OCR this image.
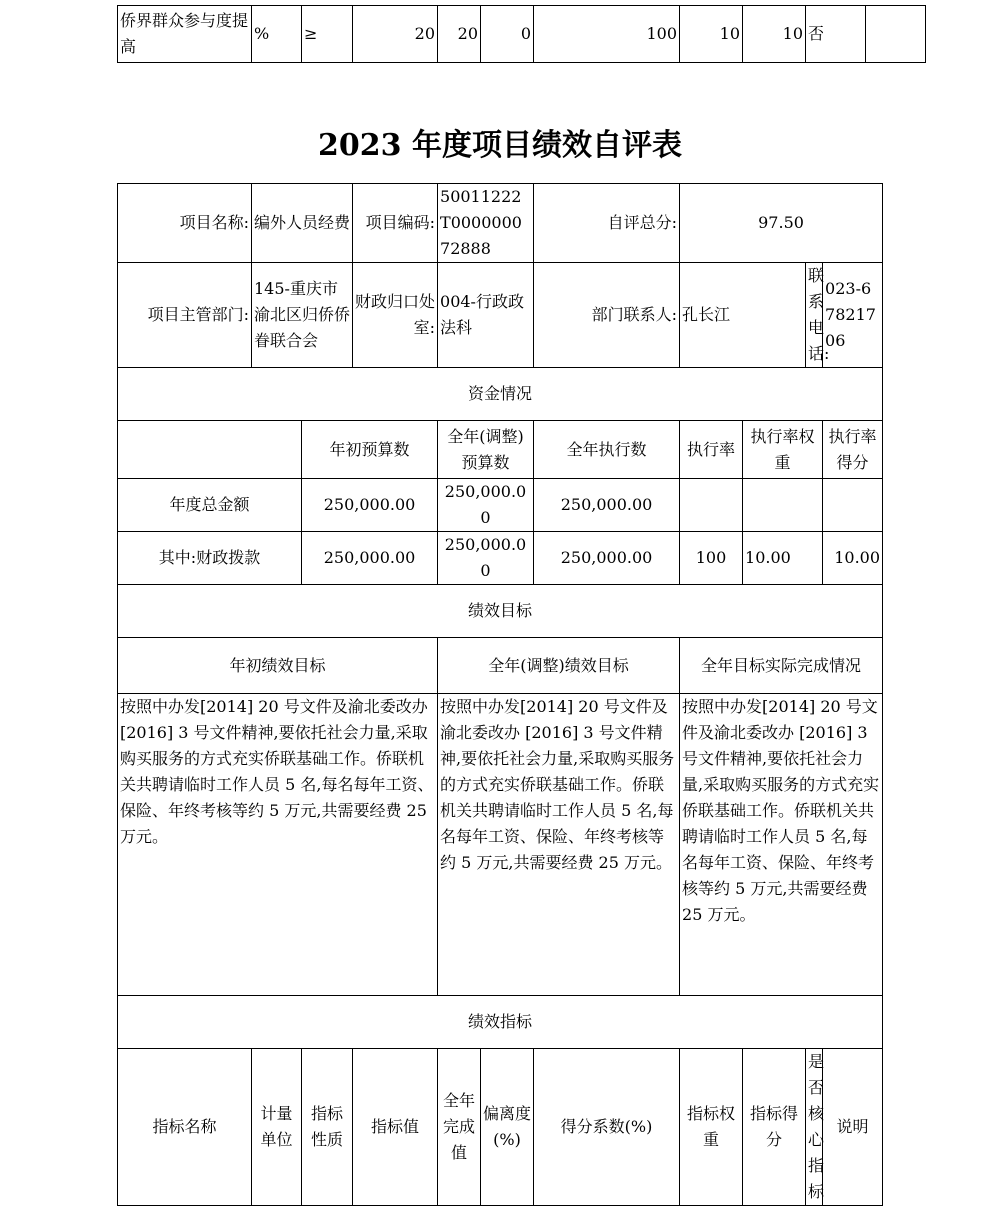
侨界群众参与度提高	%	≥	20	20	0	100	10	10	否	
2023 年度项目绩效自评表
项目名称:	编外人员经费		项目编码:	50011222T000000072888		自评总分:	97.50			
项目主管部门:	145-重庆市渝北区归侨侨眷联合会		财政归口处室:	004-行政政法科		部门联系人:	孔长江		联系电话:	023-67821706
资金情况										
		年初预算数		全年(调整)预算数		全年执行数	执行率	执行率权重		执行率得分
年度总金额		250,000.00		250,000.00		250,000.00				
其中:财政拨款		250,000.00		250,000.00		250,000.00	100	10.00		10.00
绩效目标										
年初绩效目标				全年(调整)绩效目标			全年目标实际完成情况			
按照中办发[2014] 20 号文件及渝北委改办 [2016] 3 号文件精神,要依托社会力量,采取购买服务的方式充实侨联基础工作。侨联机关共聘请临时工作人员 5 名,每名每年工资、保险、年终考核等约 5 万元,共需要经费 25 万元。				按照中办发[2014] 20 号文件及渝北委改办 [2016] 3 号文件精神,要依托社会力量,采取购买服务的方式充实侨联基础工作。侨联机关共聘请临时工作人员 5 名,每名每年工资、保险、年终考核等约 5 万元,共需要经费 25 万元。			按照中办发[2014] 20 号文件及渝北委改办 [2016] 3 号文件精神,要依托社会力量,采取购买服务的方式充实侨联基础工作。侨联机关共聘请临时工作人员 5 名,每名每年工资、保险、年终考核等约 5 万元,共需要经费 25 万元。			
绩效指标										
指标名称	计量单位	指标性质	指标值	全年完成值	偏离度(%)	得分系数(%)	指标权重	指标得分	是否核心指标	说明
